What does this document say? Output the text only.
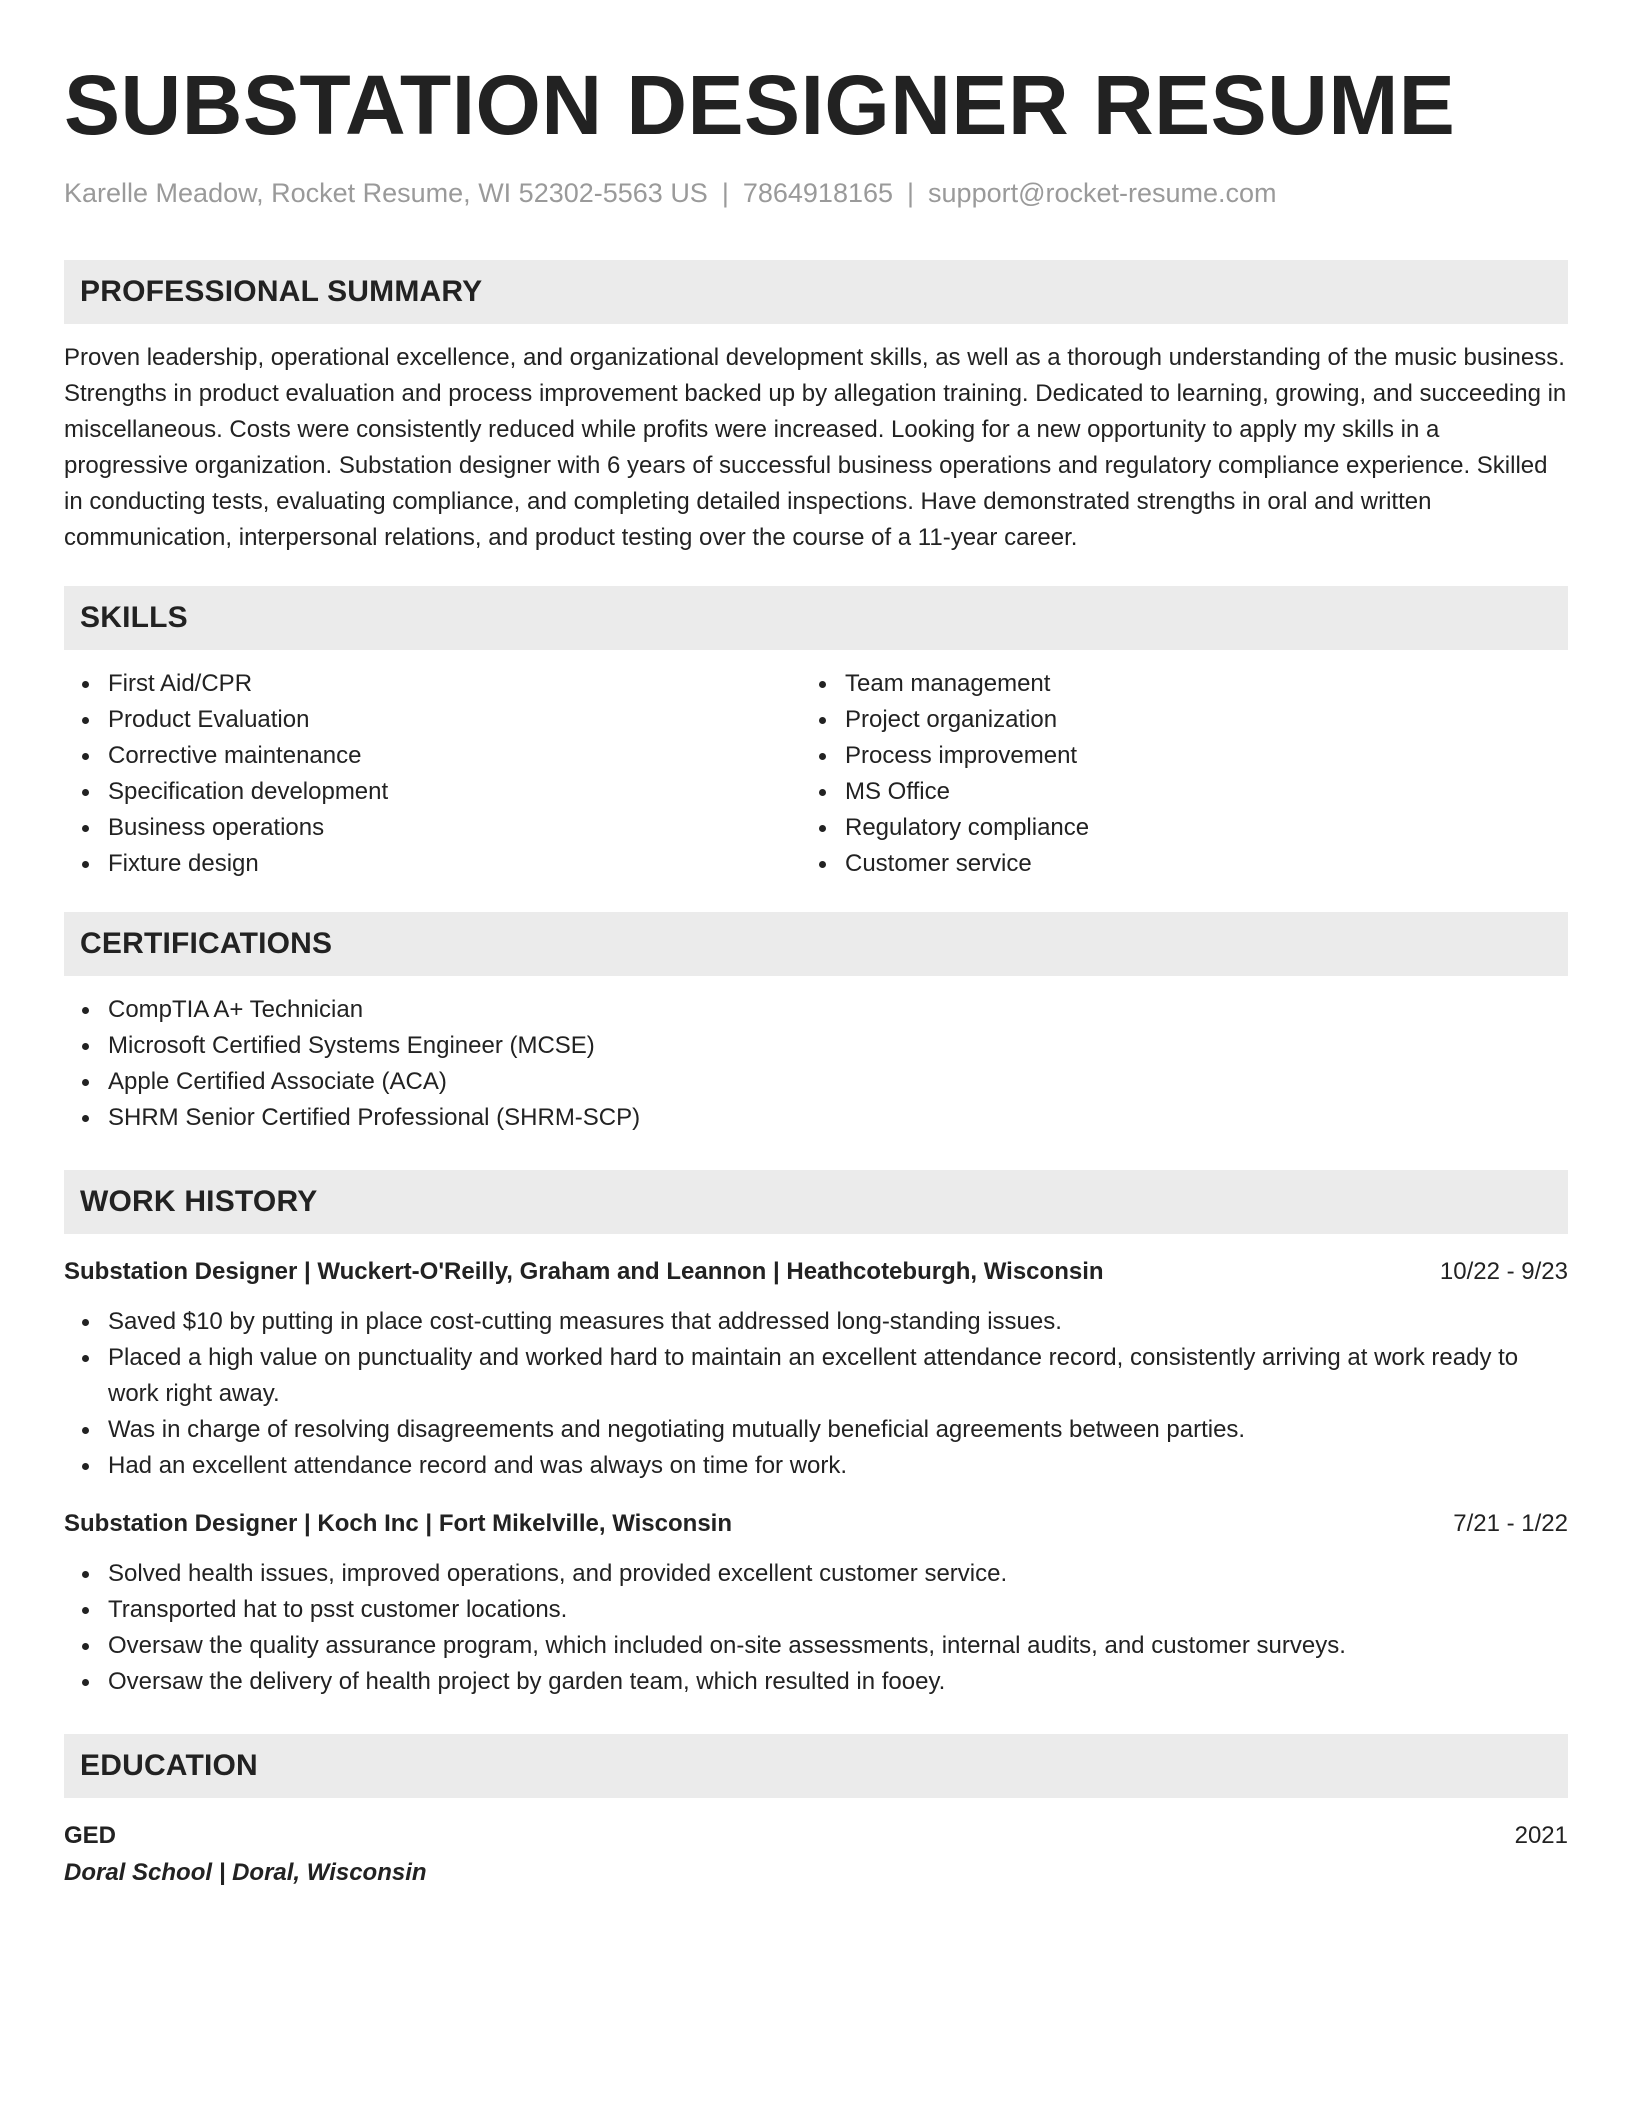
SUBSTATION DESIGNER RESUME
Karelle Meadow, Rocket Resume, WI 52302-5563 US | 7864918165 | support@rocket-resume.com
PROFESSIONAL SUMMARY

Proven leadership, operational excellence, and organizational development skills, as well as a thorough understanding of the music business. Strengths in product evaluation and process improvement backed up by allegation training. Dedicated to learning, growing, and succeeding in miscellaneous. Costs were consistently reduced while profits were increased. Looking for a new opportunity to apply my skills in a progressive organization. Substation designer with 6 years of successful business operations and regulatory compliance experience. Skilled in conducting tests, evaluating compliance, and completing detailed inspections. Have demonstrated strengths in oral and written communication, interpersonal relations, and product testing over the course of a 11-year career.

SKILLS
First Aid/CPR
Product Evaluation
Corrective maintenance
Specification development
Business operations
Fixture design
Team management
Project organization
Process improvement
MS Office
Regulatory compliance
Customer service
CERTIFICATIONS
CompTIA A+ Technician
Microsoft Certified Systems Engineer (MCSE)
Apple Certified Associate (ACA)
SHRM Senior Certified Professional (SHRM-SCP)
WORK HISTORY
Substation Designer | Wuckert-O'Reilly, Graham and Leannon | Heathcoteburgh, Wisconsin	10/22 - 9/23
Saved $10 by putting in place cost-cutting measures that addressed long-standing issues.
Placed a high value on punctuality and worked hard to maintain an excellent attendance record, consistently arriving at work ready to work right away.
Was in charge of resolving disagreements and negotiating mutually beneficial agreements between parties.
Had an excellent attendance record and was always on time for work.
Substation Designer | Koch Inc | Fort Mikelville, Wisconsin	7/21 - 1/22
Solved health issues, improved operations, and provided excellent customer service.
Transported hat to psst customer locations.
Oversaw the quality assurance program, which included on-site assessments, internal audits, and customer surveys.
Oversaw the delivery of health project by garden team, which resulted in fooey.
EDUCATION
GED	2021
Doral School | Doral, Wisconsin
